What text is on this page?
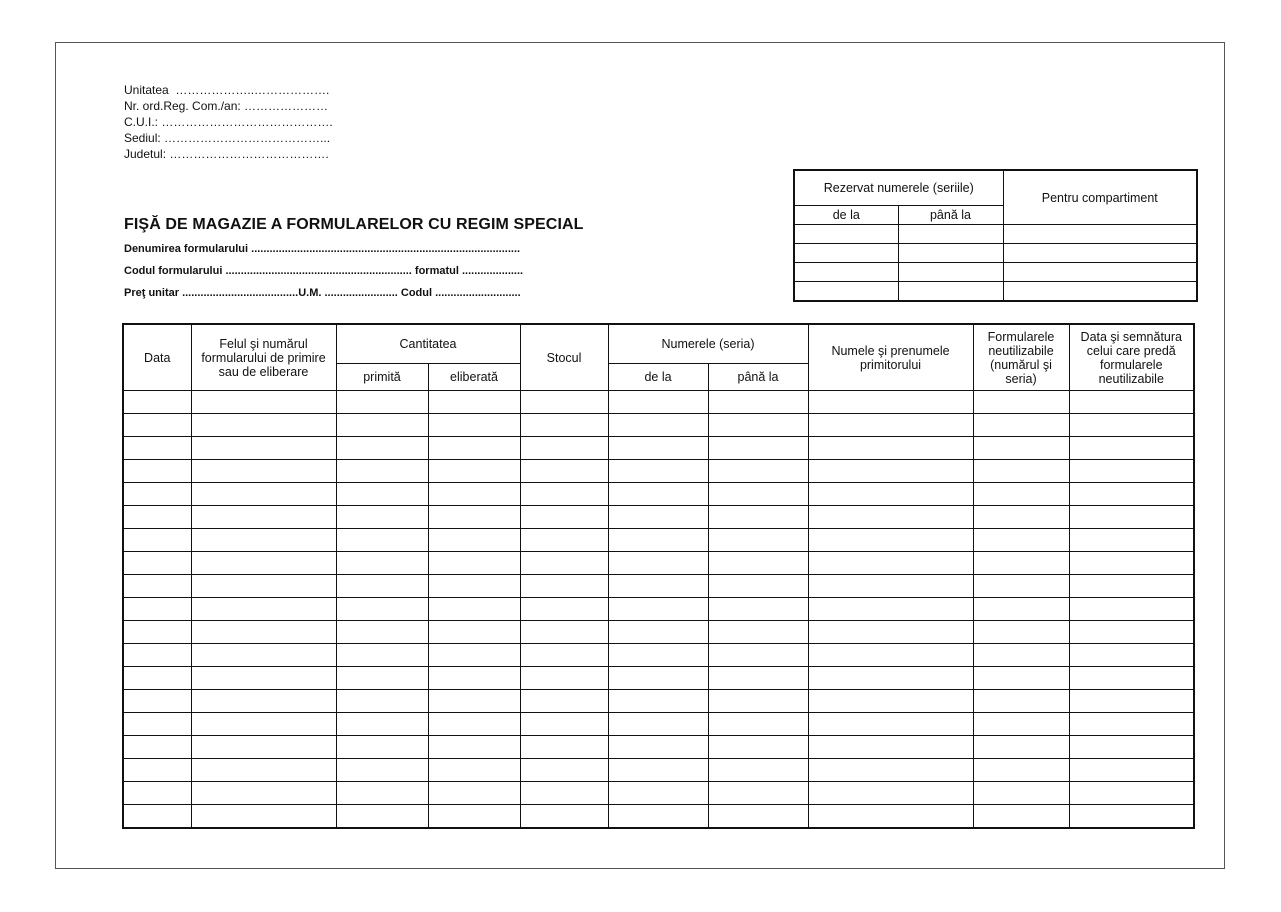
Unitatea  ………………..……………….
Nr. ord.Reg. Com./an: …………………
C.U.I.: …………………………………….
Sediul: …………………………………...
Judetul: ………………………………….
FIŞĂ DE MAGAZIE A FORMULARELOR CU REGIM SPECIAL
Denumirea formularului ........................................................................................
Codul formularului ............................................................. formatul ....................
Preţ unitar ......................................U.M. ........................ Codul ............................
Rezervat numerele (seriile)		Pentru compartiment
de la	până la	

Data	Felul şi numărul formularului de primire sau de eliberare	Cantitatea		Stocul	Numerele (seria)		Numele şi prenumele primitorului	Formularele neutilizabile (numărul şi seria)	Data şi semnătura celui care predă formularele neutilizabile
		primită	eliberată		de la	până la			
